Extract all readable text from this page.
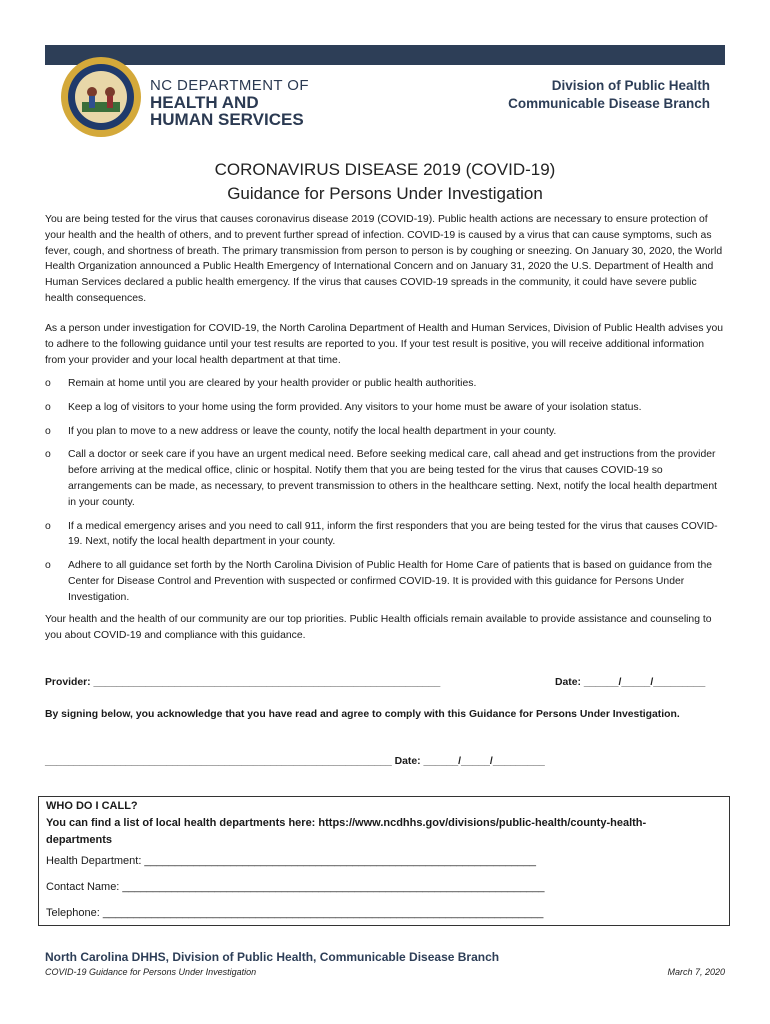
NC DEPARTMENT OF
HEALTH AND
HUMAN SERVICES
Division of Public Health
Communicable Disease Branch
CORONAVIRUS DISEASE 2019 (COVID-19)
Guidance for Persons Under Investigation
You are being tested for the virus that causes coronavirus disease 2019 (COVID-19). Public health actions are necessary to ensure protection of your health and the health of others, and to prevent further spread of infection. COVID-19 is caused by a virus that can cause symptoms, such as fever, cough, and shortness of breath. The primary transmission from person to person is by coughing or sneezing. On January 30, 2020, the World Health Organization announced a Public Health Emergency of International Concern and on January 31, 2020 the U.S. Department of Health and Human Services declared a public health emergency. If the virus that causes COVID-19 spreads in the community, it could have severe public health consequences.
As a person under investigation for COVID-19, the North Carolina Department of Health and Human Services, Division of Public Health advises you to adhere to the following guidance until your test results are reported to you. If your test result is positive, you will receive additional information from your provider and your local health department at that time.
o	Remain at home until you are cleared by your health provider or public health authorities.
o	Keep a log of visitors to your home using the form provided. Any visitors to your home must be aware of your isolation status.
o	If you plan to move to a new address or leave the county, notify the local health department in your county.
o	Call a doctor or seek care if you have an urgent medical need. Before seeking medical care, call ahead and get instructions from the provider before arriving at the medical office, clinic or hospital. Notify them that you are being tested for the virus that causes COVID-19 so arrangements can be made, as necessary, to prevent transmission to others in the healthcare setting. Next, notify the local health department in your county.
o	If a medical emergency arises and you need to call 911, inform the first responders that you are being tested for the virus that causes COVID-19. Next, notify the local health department in your county.
o	Adhere to all guidance set forth by the North Carolina Division of Public Health for Home Care of patients that is based on guidance from the Center for Disease Control and Prevention with suspected or confirmed COVID-19. It is provided with this guidance for Persons Under Investigation.
Your health and the health of our community are our top priorities. Public Health officials remain available to provide assistance and counseling to you about COVID-19 and compliance with this guidance.
Provider: ____________________________________________________________	Date: ______/_____/_________
By signing below, you acknowledge that you have read and agree to comply with this Guidance for Persons Under Investigation.
____________________________________________________________ Date: ______/_____/_________
WHO DO I CALL?
You can find a list of local health departments here: https://www.ncdhhs.gov/divisions/public-health/county-health-
departments
Health Department: ________________________________________________________________
Contact Name: _____________________________________________________________________
Telephone: ________________________________________________________________________
North Carolina DHHS, Division of Public Health, Communicable Disease Branch
COVID-19 Guidance for Persons Under Investigation	March 7, 2020
